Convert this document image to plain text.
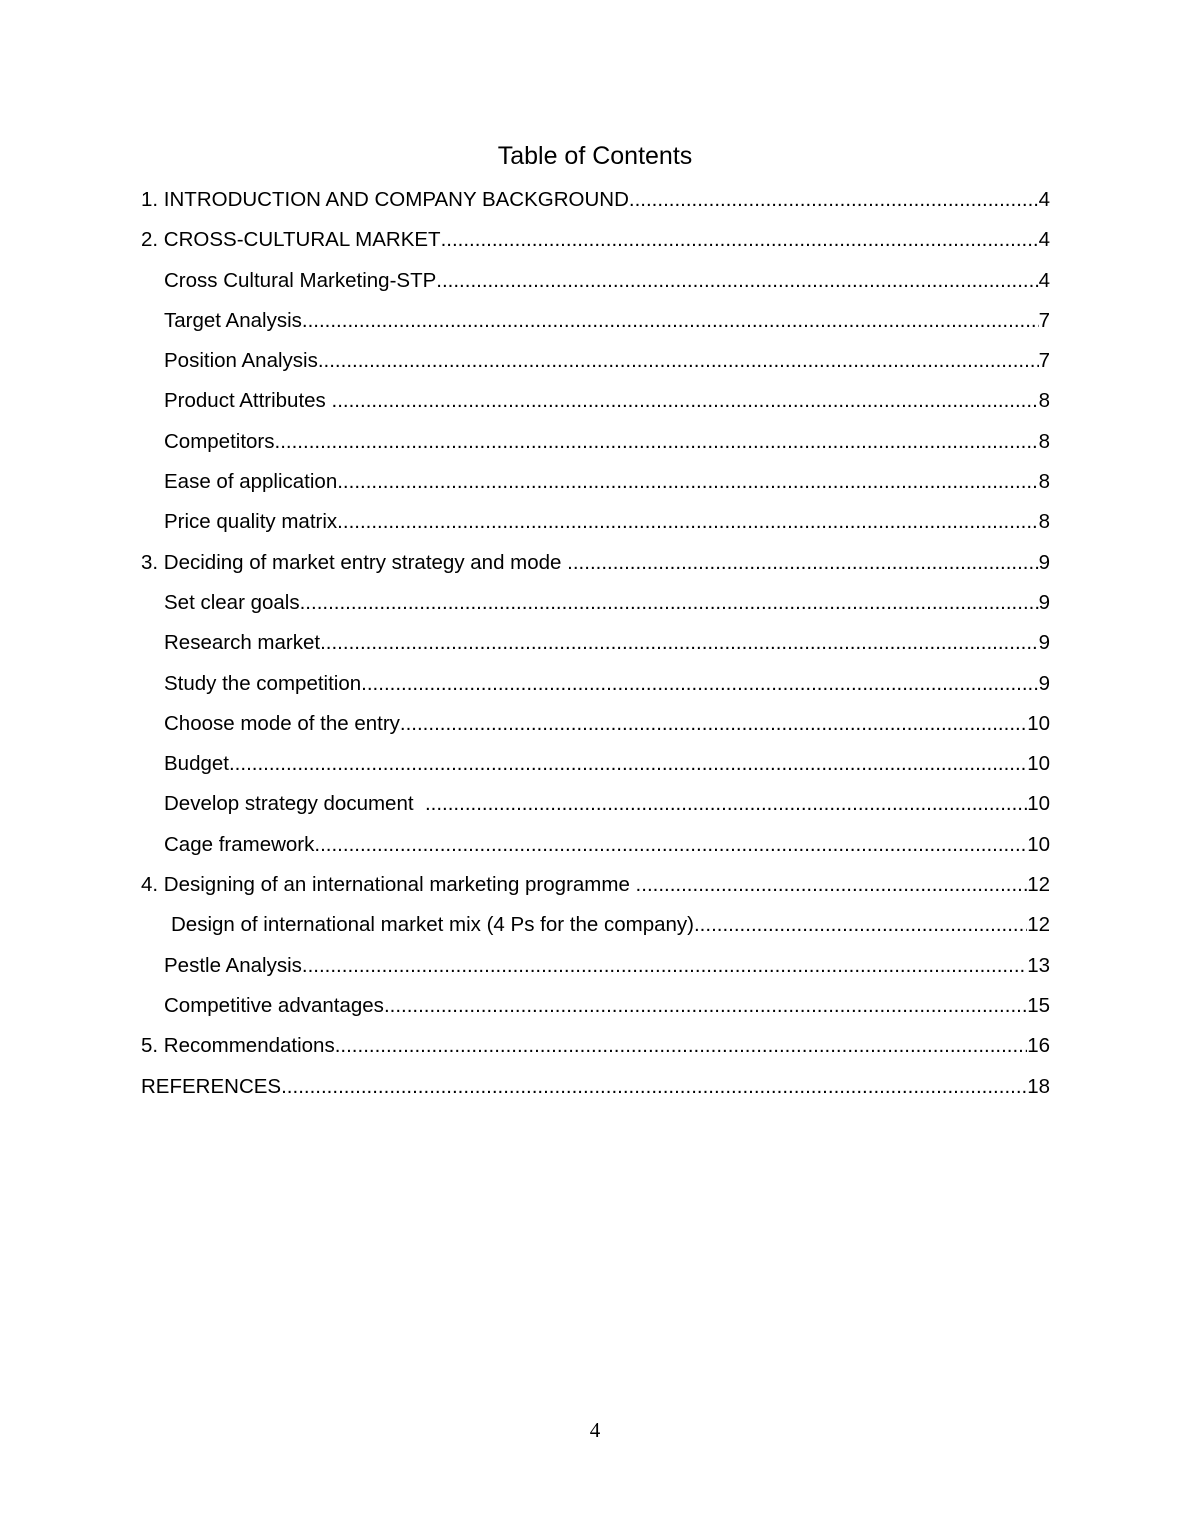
Table of Contents
1. INTRODUCTION AND COMPANY BACKGROUND .....	4
2. CROSS-CULTURAL MARKET .....	4
Cross Cultural Marketing-STP .....	4
Target Analysis .....	7
Position Analysis .....	7
Product Attributes .....	8
Competitors .....	8
Ease of application .....	8
Price quality matrix .....	8
3. Deciding of market entry strategy and mode .....	9
Set clear goals .....	9
Research market .....	9
Study the competition .....	9
Choose mode of the entry .....	10
Budget .....	10
Develop strategy document .....	10
Cage framework .....	10
4. Designing of an international marketing programme .....	12
Design of international market mix (4 Ps for the company) .....	12
Pestle Analysis .....	13
Competitive advantages .....	15
5. Recommendations .....	16
REFERENCES .....	18
4
